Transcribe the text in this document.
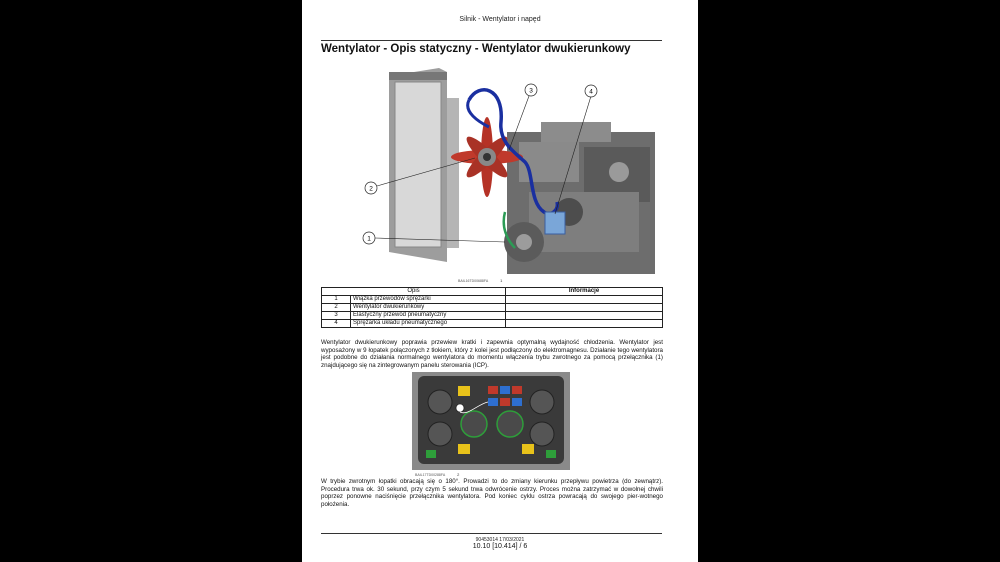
Silnik - Wentylator i napęd
Wentylator - Opis statyczny - Wentylator dwukierunkowy
1
2
3	4
BAIL16TD00688FA	1
Opis		Informacje
1	Wiązka przewodów sprężarki	
2	Wentylator dwukierunkowy	
3	Elastyczny przewód pneumatyczny	
4	Sprężarka układu pneumatycznego	
Wentylator dwukierunkowy poprawia przewiew kratki i zapewnia optymalną wydajność chłodzenia. Wentylator jest wyposażony w 9 łopatek połączonych z tłokiem, który z kolei jest podłączony do elektromagnesu. Działanie tego wentylatora jest podobne do działania normalnego wentylatora do momentu włączenia trybu zwrotnego za pomocą przełącznika (1) znajdującego się na zintegrowanym panelu sterowania (ICP).
BAIL17TD00288FA	2
W trybie zwrotnym łopatki obracają się o 180°. Prowadzi to do zmiany kierunku przepływu powietrza (do zewnątrz). Procedura trwa ok. 30 sekund, przy czym 5 sekund trwa odwrócenie ostrzy. Proces można zatrzymać w dowolnej chwili poprzez ponowne naciśnięcie przełącznika wentylatora. Pod koniec cyklu ostrza powracają do swojego pier-wotnego położenia.
90453014 17/03/2021
10.10 [10.414] / 6
